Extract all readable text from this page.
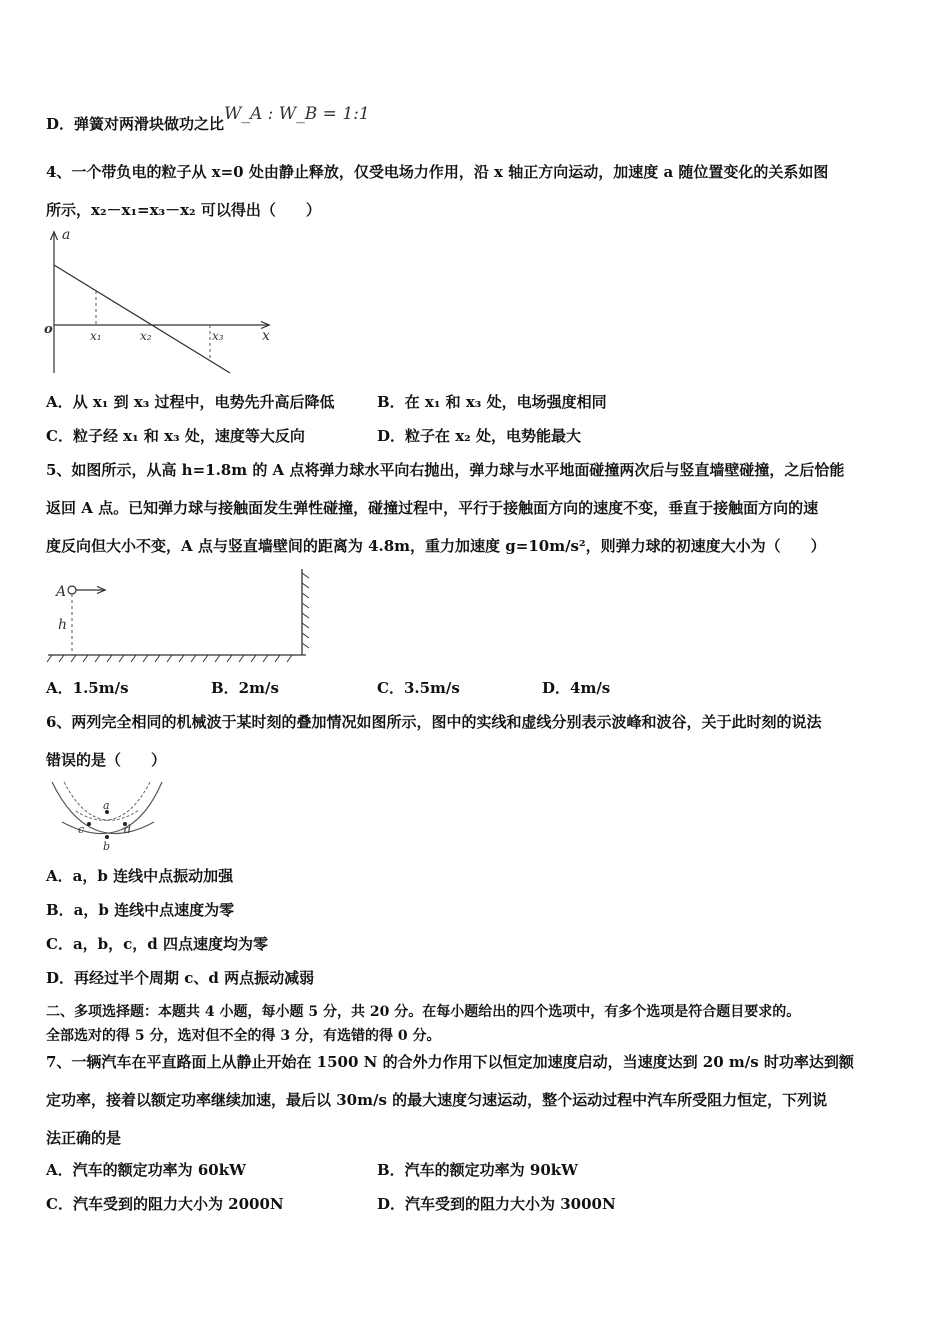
D．弹簧对两滑块做功之比W_A : W_B = 1:1
4、一个带负电的粒子从 x=0 处由静止释放，仅受电场力作用，沿 x 轴正方向运动，加速度 a 随位置变化的关系如图
所示，x₂－x₁=x₃－x₂ 可以得出（　　）
a
x
o	x₁	x₂	x₃
A．从 x₁ 到 x₃ 过程中，电势先升高后降低	B．在 x₁ 和 x₃ 处，电场强度相同
C．粒子经 x₁ 和 x₃ 处，速度等大反向	D．粒子在 x₂ 处，电势能最大
5、如图所示，从高 h=1.8m 的 A 点将弹力球水平向右抛出，弹力球与水平地面碰撞两次后与竖直墙壁碰撞，之后恰能
返回 A 点。已知弹力球与接触面发生弹性碰撞，碰撞过程中，平行于接触面方向的速度不变，垂直于接触面方向的速
度反向但大小不变，A 点与竖直墙壁间的距离为 4.8m，重力加速度 g=10m/s²，则弹力球的初速度大小为（　　）
A
h
A．1.5m/s	B．2m/s	C．3.5m/s	D．4m/s
6、两列完全相同的机械波于某时刻的叠加情况如图所示，图中的实线和虚线分别表示波峰和波谷，关于此时刻的说法
错误的是（　　）
a
b
c	d
A．a，b 连线中点振动加强
B．a，b 连线中点速度为零
C．a，b，c，d 四点速度均为零
D．再经过半个周期 c、d 两点振动减弱
二、多项选择题：本题共 4 小题，每小题 5 分，共 20 分。在每小题给出的四个选项中，有多个选项是符合题目要求的。
全部选对的得 5 分，选对但不全的得 3 分，有选错的得 0 分。
7、一辆汽车在平直路面上从静止开始在 1500 N 的合外力作用下以恒定加速度启动，当速度达到 20 m/s 时功率达到额
定功率，接着以额定功率继续加速，最后以 30m/s 的最大速度匀速运动，整个运动过程中汽车所受阻力恒定，下列说
法正确的是
A．汽车的额定功率为 60kW	B．汽车的额定功率为 90kW
C．汽车受到的阻力大小为 2000N	D．汽车受到的阻力大小为 3000N
